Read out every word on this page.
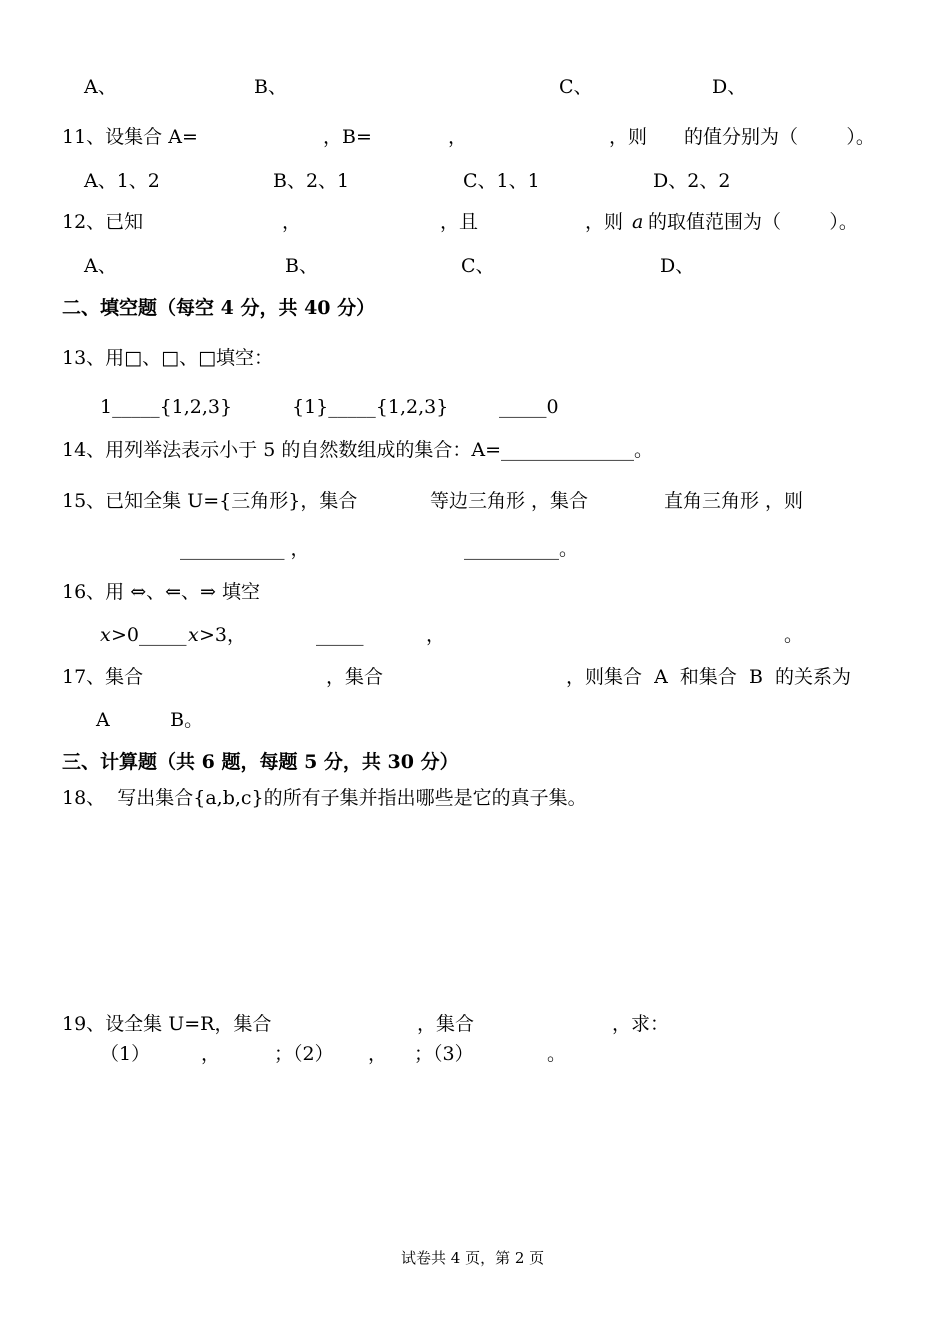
A、	B、	C、	D、
11、设集合 A=	，B=	，	，则 的值分别为（        ）。
A、1、2	B、2、1	C、1、1	D、2、2
12、已知	，	，且	，则 a 的取值范围为（        ）。
A、	B、	C、	D、
二、填空题（每空 4 分，共 40 分）
13、用□、□、□填空：
1_____{1,2,3}	{1}_____{1,2,3}	_____0
14、用列举法表示小于 5 的自然数组成的集合：A=______________。
15、已知全集 U={三角形}，集合	等边三角形 ，集合	直角三角形 ，则
___________ ，	__________。
16、用 ⇔、⇐、⇒ 填空
x >0_____ x >3，	_____	，	。
17、集合	，集合	，则集合  A  和集合  B  的关系为
A          B。
三、计算题（共 6 题，每题 5 分，共 30 分）
18、  写出集合{a,b,c}的所有子集并指出哪些是它的真子集。
19、设全集 U=R，集合	，集合	，求：
（1）	，	；（2） ， ；（3）	。
试卷共 4 页，第 2 页
